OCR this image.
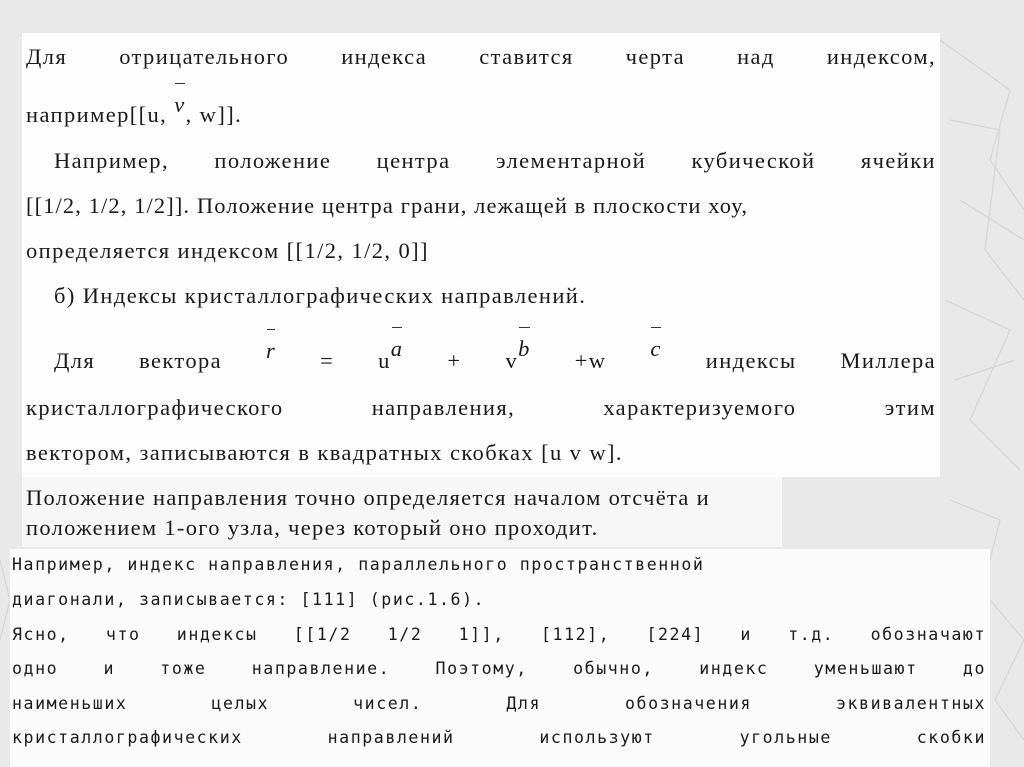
Для отрицательного индекса ставится черта над индексом,
например[[u, v, w]].
Например, положение центра элементарной кубической ячейки
[[1/2, 1/2, 1/2]]. Положение центра грани, лежащей в плоскости хоу,
определяется индексом [[1/2, 1/2, 0]]
б) Индексы кристаллографических направлений.
Для вектора r = ua + vb +w c индексы Миллера
кристаллографического направления, характеризуемого этим
вектором, записываются в квадратных скобках [u v w].
Положение направления точно определяется началом отсчёта и
положением 1-ого узла, через который оно проходит.
Например, индекс направления, параллельного пространственной
диагонали, записывается: [111] (рис.1.6).
Ясно, что индексы [[1/2 1/2 1]], [112], [224] и т.д. обозначают
одно и тоже направление. Поэтому, обычно, индекс уменьшают до
наименьших целых чисел. Для обозначения эквивалентных
кристаллографических направлений используют угольные скобки
